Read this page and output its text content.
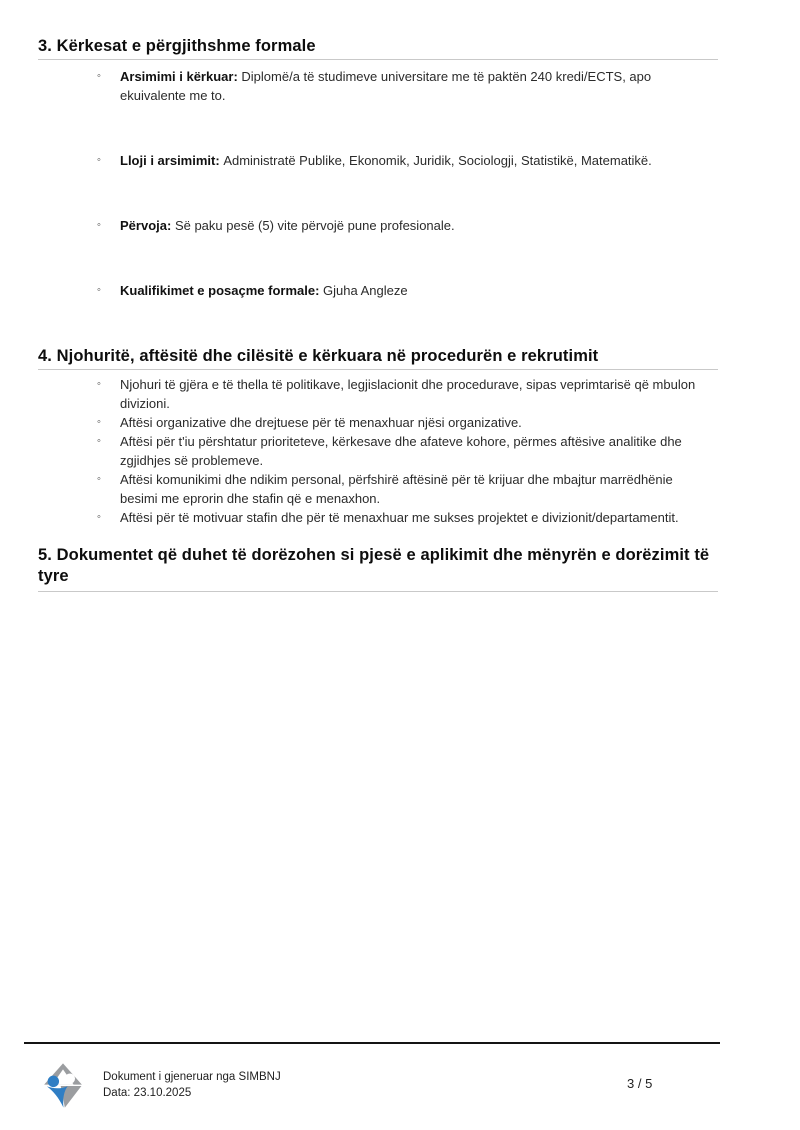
3. Kërkesat e përgjithshme formale
◦	Arsimimi i kërkuar: Diplomë/a të studimeve universitare me të paktën 240 kredi/ECTS, apo ekuivalente me to.
◦	Lloji i arsimimit: Administratë Publike, Ekonomik, Juridik, Sociologji, Statistikë, Matematikë.
◦	Përvoja: Së paku pesë (5) vite përvojë pune profesionale.
◦	Kualifikimet e posaçme formale: Gjuha Angleze
4. Njohuritë, aftësitë dhe cilësitë e kërkuara në procedurën e rekrutimit
◦	Njohuri të gjëra e të thella të politikave, legjislacionit dhe procedurave, sipas veprimtarisë që mbulon divizioni.
◦	Aftësi organizative dhe drejtuese për të menaxhuar njësi organizative.
◦	Aftësi për t'iu përshtatur prioriteteve, kërkesave dhe afateve kohore, përmes aftësive analitike dhe zgjidhjes së problemeve.
◦	Aftësi komunikimi dhe ndikim personal, përfshirë aftësinë për të krijuar dhe mbajtur marrëdhënie besimi me eprorin dhe stafin që e menaxhon.
◦	Aftësi për të motivuar stafin dhe për të menaxhuar me sukses projektet e divizionit/departamentit.
5. Dokumentet që duhet të dorëzohen si pjesë e aplikimit dhe mënyrën e dorëzimit të tyre
Dokument i gjeneruar nga SIMBNJ
Data: 23.10.2025
3 / 5
